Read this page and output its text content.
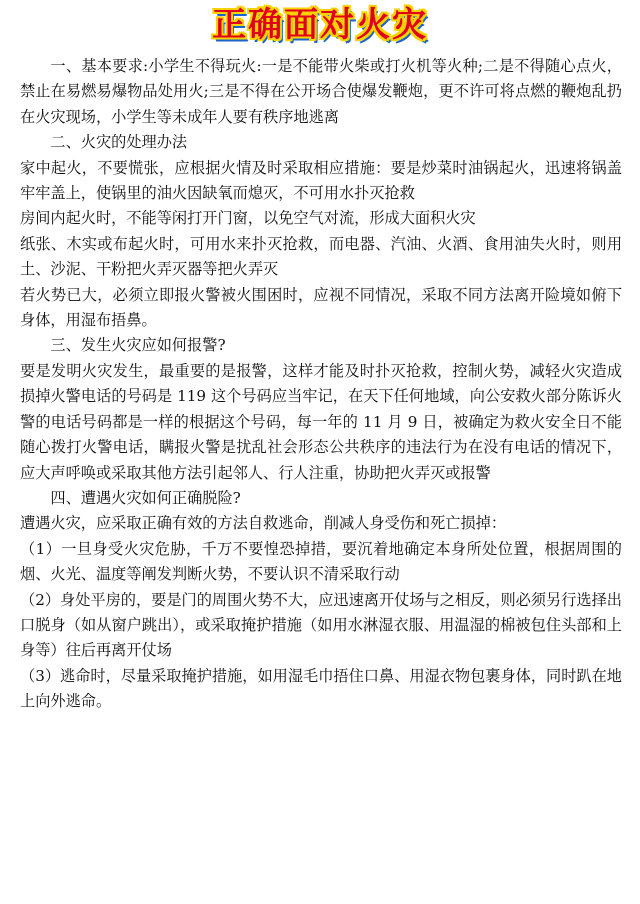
正确面对火灾

一、基本要求:小学生不得玩火:一是不能带火柴或打火机等火种;二是不得随心点火，禁止在易燃易爆物品处用火;三是不得在公开场合使爆发鞭炮，更不许可将点燃的鞭炮乱扔在火灾现场，小学生等未成年人要有秩序地逃离

二、火灾的处理办法

家中起火，不要慌张，应根据火情及时采取相应措施：要是炒菜时油锅起火，迅速将锅盖牢牢盖上，使锅里的油火因缺氧而熄灭，不可用水扑灭抢救

房间内起火时，不能等闲打开门窗，以免空气对流，形成大面积火灾

纸张、木实或布起火时，可用水来扑灭抢救，而电器、汽油、火酒、食用油失火时，则用土、沙泥、干粉把火弄灭器等把火弄灭

若火势已大，必须立即报火警被火围困时，应视不同情况，采取不同方法离开险境如俯下身体，用湿布捂鼻。

三、发生火灾应如何报警?

要是发明火灾发生，最重要的是报警，这样才能及时扑灭抢救，控制火势，减轻火灾造成损掉火警电话的号码是 119 这个号码应当牢记，在天下任何地域，向公安救火部分陈诉火警的电话号码都是一样的根据这个号码，每一年的 11 月 9 日，被确定为救火安全日不能随心拨打火警电话，瞒报火警是扰乱社会形态公共秩序的违法行为在没有电话的情况下，应大声呼唤或采取其他方法引起邻人、行人注重，协助把火弄灭或报警

四、遭遇火灾如何正确脱险?

遭遇火灾，应采取正确有效的方法自救逃命，削减人身受伤和死亡损掉：

（1）一旦身受火灾危胁，千万不要惶恐掉措，要沉着地确定本身所处位置，根据周围的烟、火光、温度等阐发判断火势，不要认识不清采取行动

（2）身处平房的，要是门的周围火势不大，应迅速离开仗场与之相反，则必须另行选择出口脱身（如从窗户跳出），或采取掩护措施（如用水淋湿衣服、用温湿的棉被包住头部和上身等）往后再离开仗场

（3）逃命时，尽量采取掩护措施，如用湿毛巾捂住口鼻、用湿衣物包裹身体，同时趴在地上向外逃命。
